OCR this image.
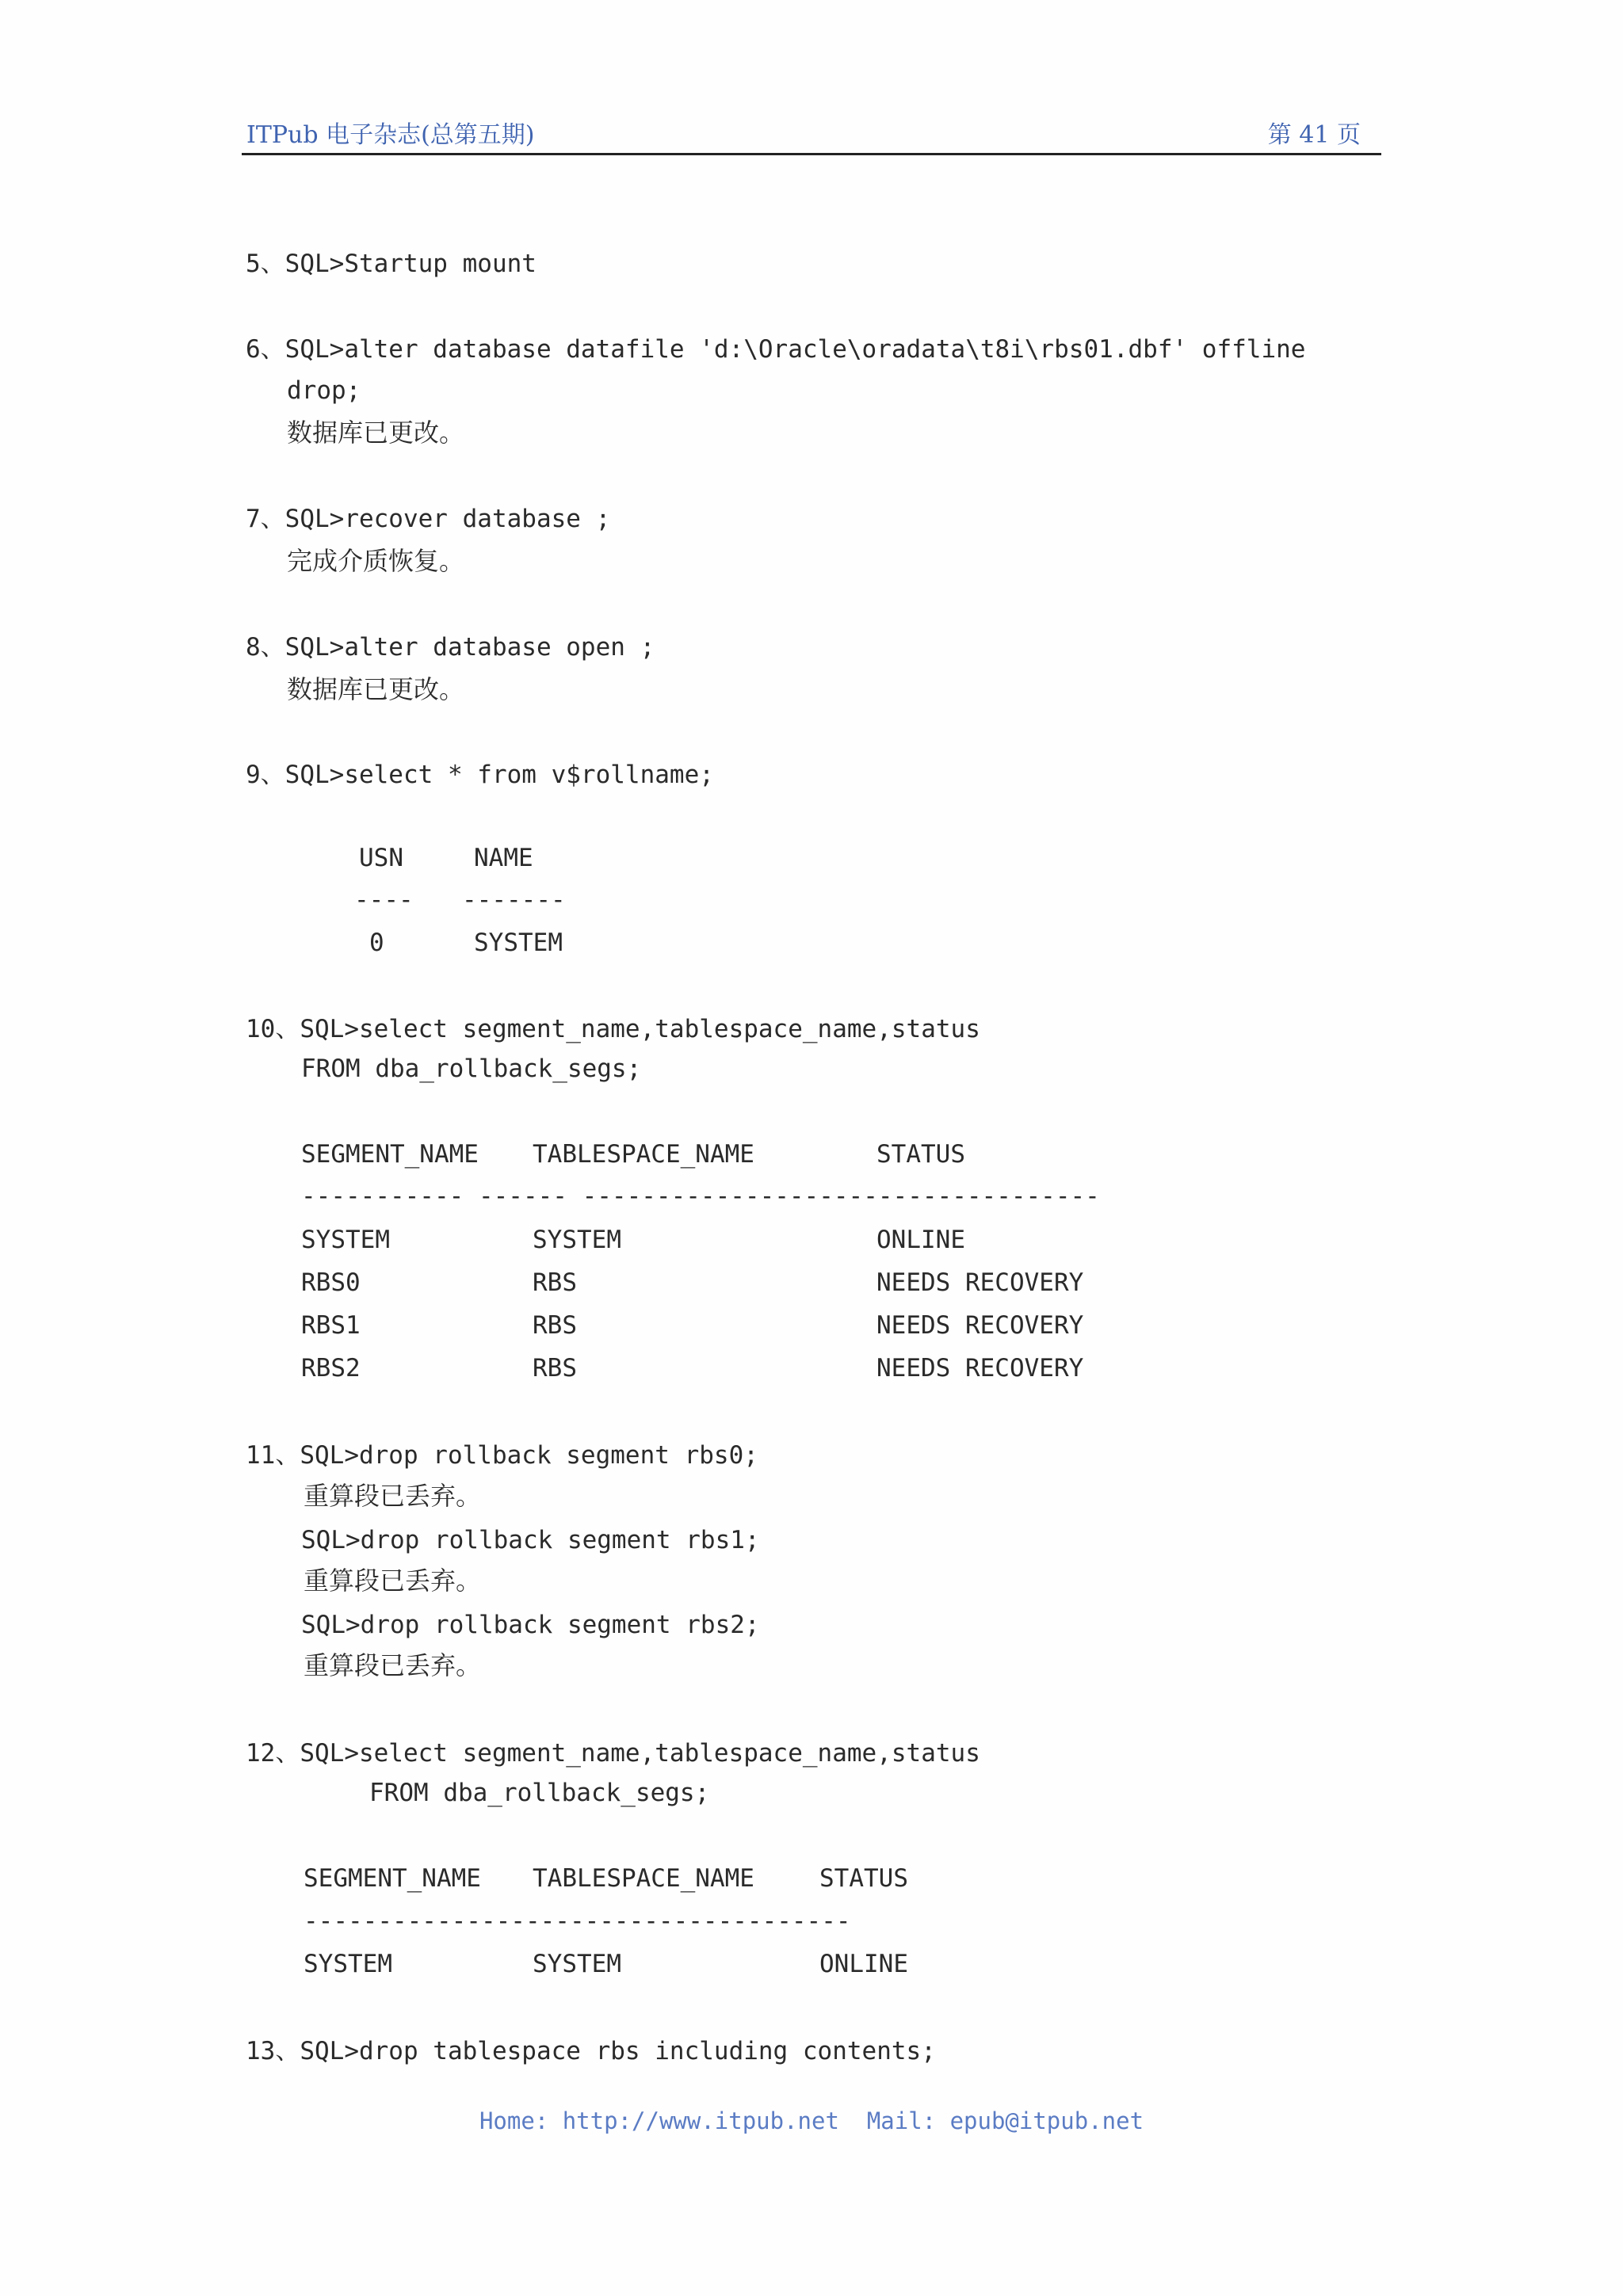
ITPub 电子杂志(总第五期)	第 41 页
5、SQL>Startup mount
6、SQL>alter database datafile 'd:\Oracle\oradata\t8i\rbs01.dbf' offline
drop;
数据库已更改。
7、SQL>recover database ;
完成介质恢复。
8、SQL>alter database open ;
数据库已更改。
9、SQL>select * from v$rollname;
USN	NAME
---- -------
0	SYSTEM
10、SQL>select segment_name,tablespace_name,status
FROM dba_rollback_segs;
SEGMENT_NAME TABLESPACE_NAME	STATUS
----------- ------ -----------------------------------
SYSTEM	SYSTEM	ONLINE
RBS0	RBS	NEEDS RECOVERY
RBS1	RBS	NEEDS RECOVERY
RBS2	RBS	NEEDS RECOVERY
11、SQL>drop rollback segment rbs0;
重算段已丢弃。
SQL>drop rollback segment rbs1;
重算段已丢弃。
SQL>drop rollback segment rbs2;
重算段已丢弃。
12、SQL>select segment_name,tablespace_name,status
FROM dba_rollback_segs;
SEGMENT_NAME TABLESPACE_NAME	STATUS
-------------------------------------
SYSTEM	SYSTEM	ONLINE
13、SQL>drop tablespace rbs including contents;
Home: http://www.itpub.net  Mail: epub@itpub.net
